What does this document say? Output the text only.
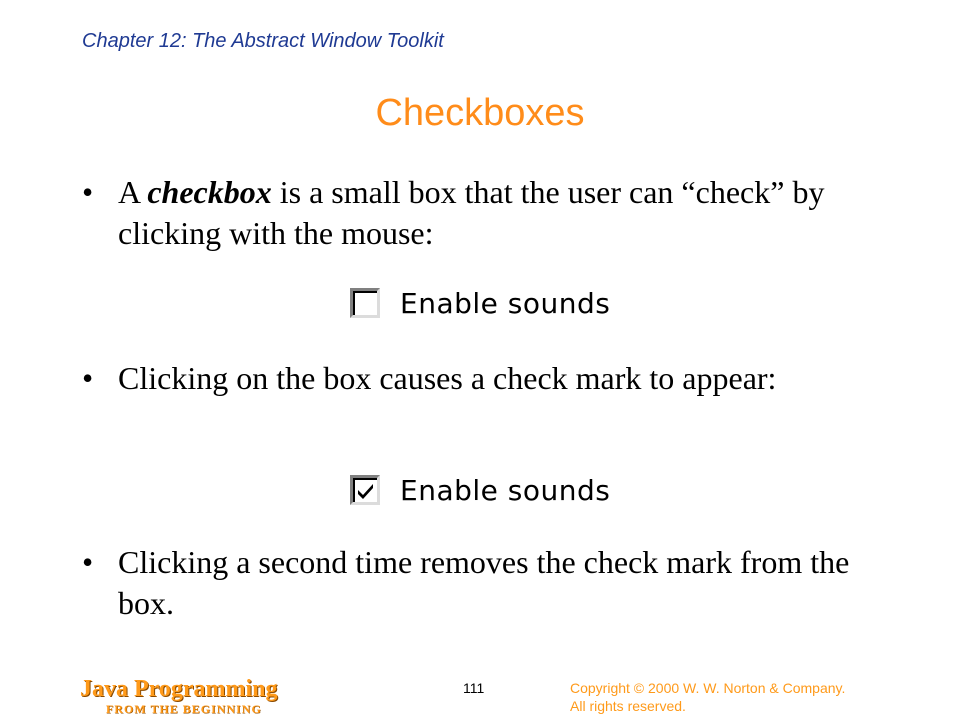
Chapter 12: The Abstract Window Toolkit
Checkboxes
• A checkbox is a small box that the user can “check” by clicking with the mouse:
Enable sounds
• Clicking on the box causes a check mark to appear:
Enable sounds
• Clicking a second time removes the check mark from the box.
Java Programming
FROM THE BEGINNING
111	Copyright © 2000 W. W. Norton & Company.
All rights reserved.
